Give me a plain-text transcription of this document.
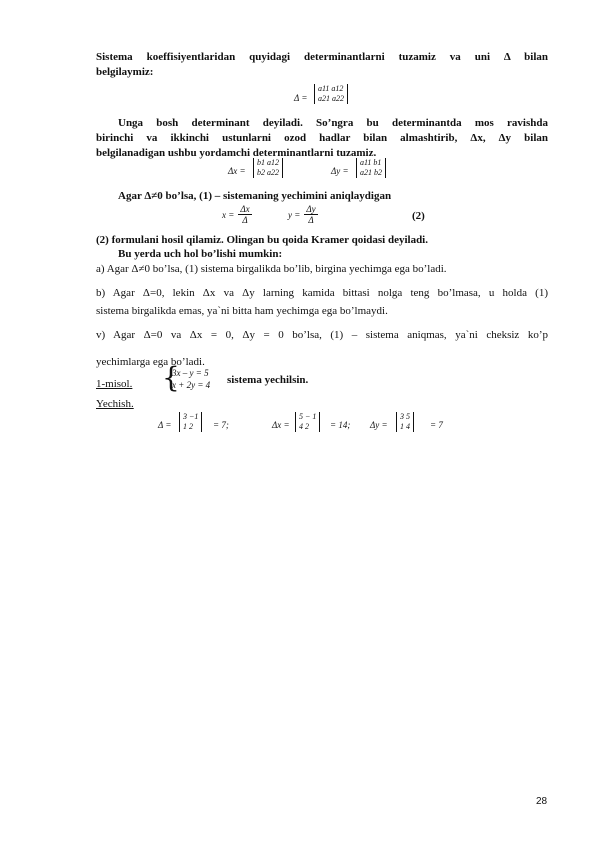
Sistema koeffisiyentlaridan quyidagi determinantlarni tuzamiz va uni Δ bilan
belgilaymiz:
Δ =
a11 a12
a21 a22
Unga bosh determinant deyiladi. So’ngra bu determinantda mos ravishda
birinchi va ikkinchi ustunlarni ozod hadlar bilan almashtirib, Δx, Δy bilan
belgilanadigan ushbu yordamchi determinantlarni tuzamiz.
Δx =
b1 a12
b2 a22	Δy =
a11 b1
a21 b2
Agar Δ≠0 bo’lsa, (1) – sistemaning yechimini aniqlaydigan
$x = \frac{\Delta x}{\Delta}$	$y = \frac{\Delta y}{\Delta}$	(2)
(2) formulani hosil qilamiz. Olingan bu qoida Kramer qoidasi deyiladi.
Bu yerda uch hol bo’lishi mumkin:
a) Agar Δ≠0 bo’lsa, (1) sistema birgalikda bo’lib, birgina yechimga ega bo’ladi.
b) Agar Δ=0, lekin Δx va Δy larning kamida bittasi nolga teng bo’lmasa, u holda (1)
sistema birgalikda emas, ya`ni bitta ham yechimga ega bo’lmaydi.
v) Agar Δ=0 va Δx = 0, Δy = 0 bo’lsa, (1) – sistema aniqmas, ya`ni cheksiz ko’p
yechimlarga ega bo’ladi.
1-misol. {
3x – y = 5
x + 2y = 4 sistema yechilsin.
Yechish.
Δ =
3 −1
1 2	= 7;	Δx =
5 − 1
4 2	= 14; Δy =
3 5
1 4 = 7
28
